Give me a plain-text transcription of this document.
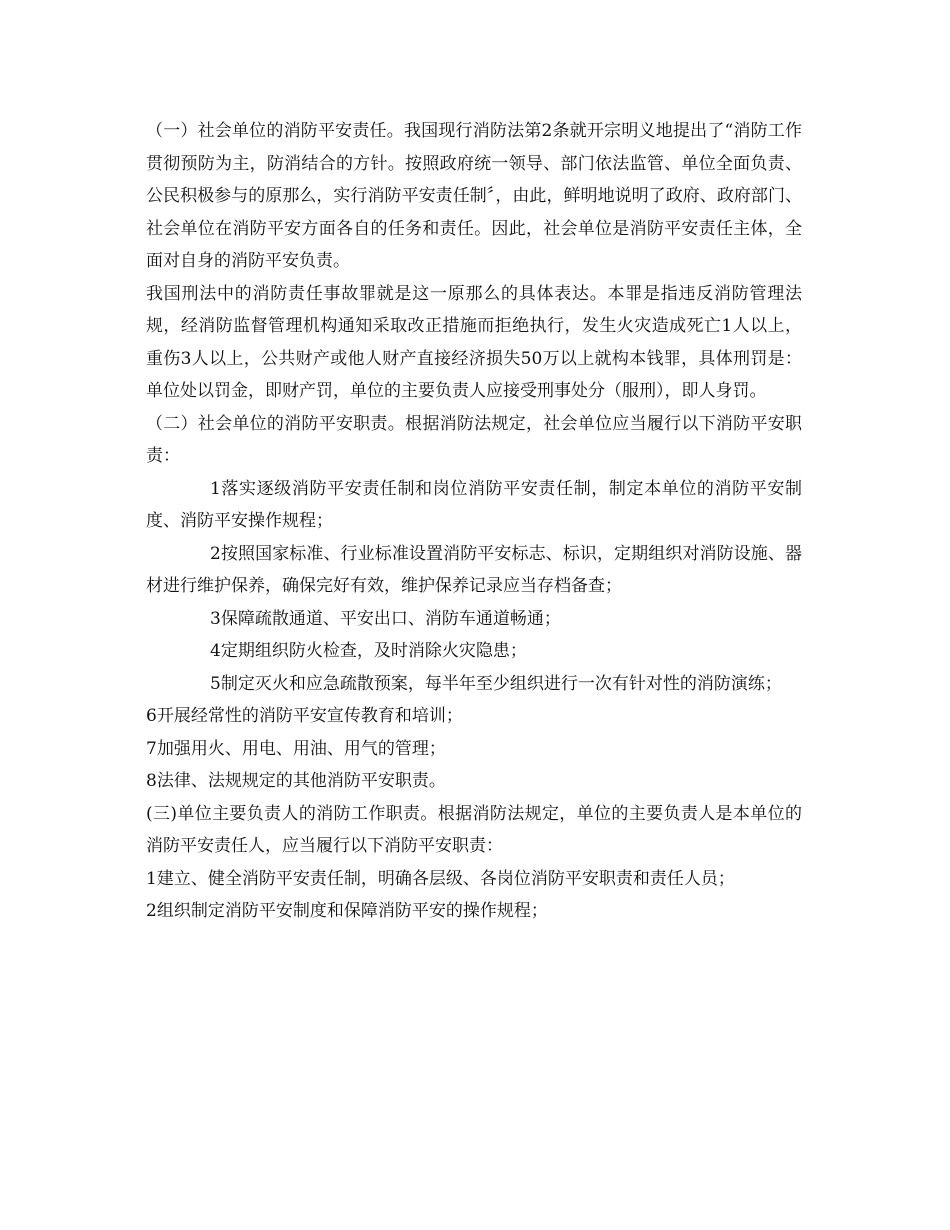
（一）社会单位的消防平安责任。我国现行消防法第2条就开宗明义地提出了“消防工作贯彻预防为主，防消结合的方针。按照政府统一领导、部门依法监管、单位全面负责、公民积极参与的原那么，实行消防平安责任制〞，由此，鲜明地说明了政府、政府部门、社会单位在消防平安方面各自的任务和责任。因此，社会单位是消防平安责任主体，全面对自身的消防平安负责。

我国刑法中的消防责任事故罪就是这一原那么的具体表达。本罪是指违反消防管理法规，经消防监督管理机构通知采取改正措施而拒绝执行，发生火灾造成死亡1人以上，重伤3人以上，公共财产或他人财产直接经济损失50万以上就构本钱罪，具体刑罚是：单位处以罚金，即财产罚，单位的主要负责人应接受刑事处分（服刑），即人身罚。

（二）社会单位的消防平安职责。根据消防法规定，社会单位应当履行以下消防平安职责：

1落实逐级消防平安责任制和岗位消防平安责任制，制定本单位的消防平安制度、消防平安操作规程；

2按照国家标准、行业标准设置消防平安标志、标识，定期组织对消防设施、器材进行维护保养，确保完好有效，维护保养记录应当存档备查；

3保障疏散通道、平安出口、消防车通道畅通；

4定期组织防火检查，及时消除火灾隐患；

5制定灭火和应急疏散预案，每半年至少组织进行一次有针对性的消防演练；

6开展经常性的消防平安宣传教育和培训；

7加强用火、用电、用油、用气的管理；

8法律、法规规定的其他消防平安职责。

(三)单位主要负责人的消防工作职责。根据消防法规定，单位的主要负责人是本单位的消防平安责任人，应当履行以下消防平安职责：

1建立、健全消防平安责任制，明确各层级、各岗位消防平安职责和责任人员；

2组织制定消防平安制度和保障消防平安的操作规程；
